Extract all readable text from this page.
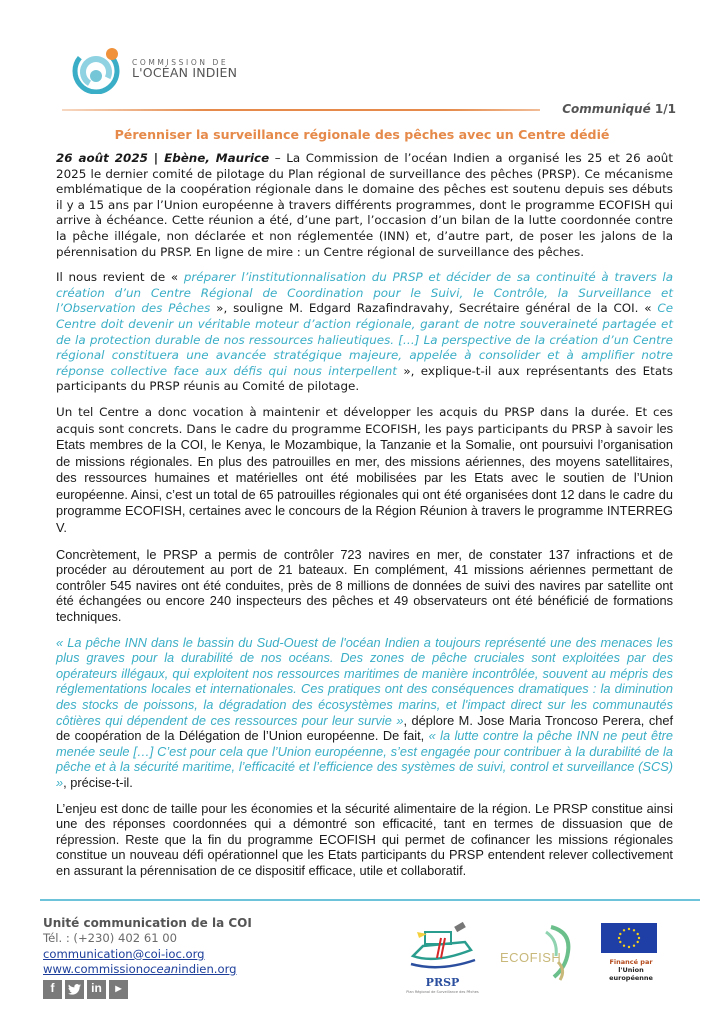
COMMISSION DE
L'OCÉAN INDIEN
Communiqué 1/1
Pérenniser la surveillance régionale des pêches avec un Centre dédié

26 août 2025 | Ebène, Maurice – La Commission de l’océan Indien a organisé les 25 et 26 août 2025 le dernier comité de pilotage du Plan régional de surveillance des pêches (PRSP). Ce mécanisme emblématique de la coopération régionale dans le domaine des pêches est soutenu depuis ses débuts il y a 15 ans par l’Union européenne à travers différents programmes, dont le programme ECOFISH qui arrive à échéance. Cette réunion a été, d’une part, l’occasion d’un bilan de la lutte coordonnée contre la pêche illégale, non déclarée et non réglementée (INN) et, d’autre part, de poser les jalons de la pérennisation du PRSP. En ligne de mire : un Centre régional de surveillance des pêches.

Il nous revient de « préparer l’institutionnalisation du PRSP et décider de sa continuité à travers la création d’un Centre Régional de Coordination pour le Suivi, le Contrôle, la Surveillance et l’Observation des Pêches », souligne M. Edgard Razafindravahy, Secrétaire général de la COI. « Ce Centre doit devenir un véritable moteur d’action régionale, garant de notre souveraineté partagée et de la protection durable de nos ressources halieutiques. […] La perspective de la création d’un Centre régional constituera une avancée stratégique majeure, appelée à consolider et à amplifier notre réponse collective face aux défis qui nous interpellent », explique-t-il aux représentants des Etats participants du PRSP réunis au Comité de pilotage.

Un tel Centre a donc vocation à maintenir et développer les acquis du PRSP dans la durée. Et ces acquis sont concrets. Dans le cadre du programme ECOFISH, les pays participants du PRSP à savoir les Etats membres de la COI, le Kenya, le Mozambique, la Tanzanie et la Somalie, ont poursuivi l’organisation de missions régionales. En plus des patrouilles en mer, des missions aériennes, des moyens satellitaires, des ressources humaines et matérielles ont été mobilisées par les Etats avec le soutien de l’Union européenne. Ainsi, c’est un total de 65 patrouilles régionales qui ont été organisées dont 12 dans le cadre du programme ECOFISH, certaines avec le concours de la Région Réunion à travers le programme INTERREG V.

Concrètement, le PRSP a permis de contrôler 723 navires en mer, de constater 137 infractions et de procéder au déroutement au port de 21 bateaux. En complément, 41 missions aériennes permettant de contrôler 545 navires ont été conduites, près de 8 millions de données de suivi des navires par satellite ont été échangées ou encore 240 inspecteurs des pêches et 49 observateurs ont été bénéficié de formations techniques.

« La pêche INN dans le bassin du Sud-Ouest de l'océan Indien a toujours représenté une des menaces les plus graves pour la durabilité de nos océans. Des zones de pêche cruciales sont exploitées par des opérateurs illégaux, qui exploitent nos ressources maritimes de manière incontrôlée, souvent au mépris des réglementations locales et internationales. Ces pratiques ont des conséquences dramatiques : la diminution des stocks de poissons, la dégradation des écosystèmes marins, et l'impact direct sur les communautés côtières qui dépendent de ces ressources pour leur survie », déplore M. Jose Maria Troncoso Perera, chef de coopération de la Délégation de l’Union européenne. De fait, « la lutte contre la pêche INN ne peut être menée seule […] C’est pour cela que l’Union européenne, s’est engagée pour contribuer à la durabilité de la pêche et à la sécurité maritime, l’efficacité et l’efficience des systèmes de suivi, control et surveillance (SCS) », précise-t-il.

L’enjeu est donc de taille pour les économies et la sécurité alimentaire de la région. Le PRSP constitue ainsi une des réponses coordonnées qui a démontré son efficacité, tant en termes de dissuasion que de répression. Reste que la fin du programme ECOFISH qui permet de cofinancer les missions régionales constitue un nouveau défi opérationnel que les Etats participants du PRSP entendent relever collectivement en assurant la pérennisation de ce dispositif efficace, utile et collaboratif.

Unité communication de la COI
Tél. : (+230) 402 61 00
communication@coi-ioc.org
www.commissionoceanindien.org
f	in	▶	PRSP
Plan Régional de Surveillance des Pêches
ECOFISH	Financé par
l'Union européenne
